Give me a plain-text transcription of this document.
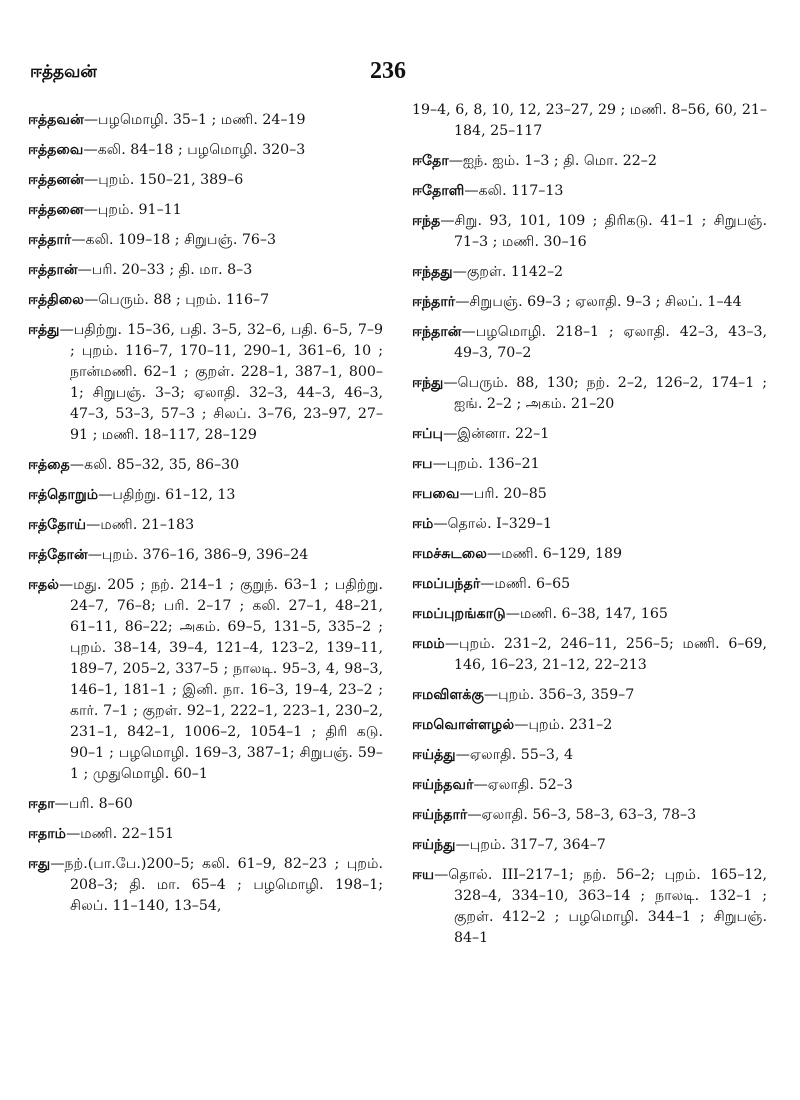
ஈத்தவன்	236
ஈத்தவன்—பழமொழி. 35–1 ; மணி. 24–19
ஈத்தவை—கலி. 84–18 ; பழமொழி. 320–3
ஈத்தனன்—புறம். 150–21, 389–6
ஈத்தனை—புறம். 91–11
ஈத்தார்—கலி. 109–18 ; சிறுபஞ். 76–3
ஈத்தான்—பரி. 20–33 ; தி. மா. 8–3
ஈத்திலை—பெரும். 88 ; புறம். 116–7
ஈத்து—பதிற்று. 15–36, பதி. 3–5, 32–6, பதி. 6–5, 7–9 ; புறம். 116–7, 170–11, 290–1, 361–6, 10 ; நான்மணி. 62–1 ; குறள். 228–1, 387–1, 800–1; சிறுபஞ். 3–3; ஏலாதி. 32–3, 44–3, 46–3, 47–3, 53–3, 57–3 ; சிலப். 3–76, 23–97, 27–91 ; மணி. 18–117, 28–129
ஈத்தை—கலி. 85–32, 35, 86–30
ஈத்தொறும்—பதிற்று. 61–12, 13
ஈத்தோய்—மணி. 21–183
ஈத்தோன்—புறம். 376–16, 386–9, 396–24
ஈதல்—மது. 205 ; நற். 214–1 ; குறுந். 63–1 ; பதிற்று. 24–7, 76–8; பரி. 2–17 ; கலி. 27–1, 48–21, 61–11, 86–22; அகம். 69–5, 131–5, 335–2 ; புறம். 38–14, 39–4, 121–4, 123–2, 139–11, 189–7, 205–2, 337–5 ; நாலடி. 95–3, 4, 98–3, 146–1, 181–1 ; இனி. நா. 16–3, 19–4, 23–2 ; கார். 7–1 ; குறள். 92–1, 222–1, 223–1, 230–2, 231–1, 842–1, 1006–2, 1054–1 ; திரி கடு. 90–1 ; பழமொழி. 169–3, 387–1; சிறுபஞ். 59–1 ; முதுமொழி. 60–1
ஈதா—பரி. 8–60
ஈதாம்—மணி. 22–151
ஈது—நற்.(பா.பே.)200–5; கலி. 61–9, 82–23 ; புறம். 208–3; தி. மா. 65–4 ; பழமொழி. 198–1; சிலப். 11–140, 13–54,
19–4, 6, 8, 10, 12, 23–27, 29 ; மணி. 8–56, 60, 21–184, 25–117
ஈதோ—ஐந். ஐம். 1–3 ; தி. மொ. 22–2
ஈதோளி—கலி. 117–13
ஈந்த—சிறு. 93, 101, 109 ; திரிகடு. 41–1 ; சிறுபஞ். 71–3 ; மணி. 30–16
ஈந்தது—குறள். 1142–2
ஈந்தார்—சிறுபஞ். 69–3 ; ஏலாதி. 9–3 ; சிலப். 1–44
ஈந்தான்—பழமொழி. 218–1 ; ஏலாதி. 42–3, 43–3, 49–3, 70–2
ஈந்து—பெரும். 88, 130; நற். 2–2, 126–2, 174–1 ; ஐங். 2–2 ; அகம். 21–20
ஈப்பு—இன்னா. 22–1
ஈப—புறம். 136–21
ஈபவை—பரி. 20–85
ஈம்—தொல். I–329–1
ஈமச்சுடலை—மணி. 6–129, 189
ஈமப்பந்தர்—மணி. 6–65
ஈமப்புறங்காடு—மணி. 6–38, 147, 165
ஈமம்—புறம். 231–2, 246–11, 256–5; மணி. 6–69, 146, 16–23, 21–12, 22–213
ஈமவிளக்கு—புறம். 356–3, 359–7
ஈமவொள்ளழல்—புறம். 231–2
ஈய்த்து—ஏலாதி. 55–3, 4
ஈய்ந்தவர்—ஏலாதி. 52–3
ஈய்ந்தார்—ஏலாதி. 56–3, 58–3, 63–3, 78–3
ஈய்ந்து—புறம். 317–7, 364–7
ஈய—தொல். III–217–1; நற். 56–2; புறம். 165–12, 328–4, 334–10, 363–14 ; நாலடி. 132–1 ; குறள். 412–2 ; பழமொழி. 344–1 ; சிறுபஞ். 84–1
